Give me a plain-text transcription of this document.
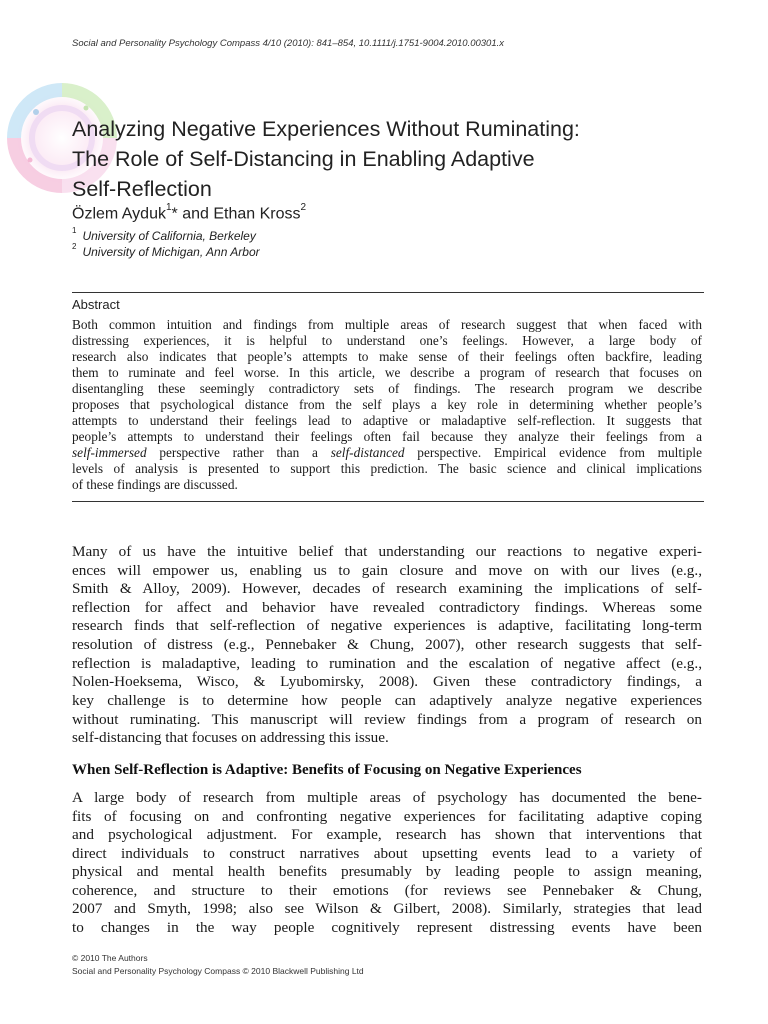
Social and Personality Psychology Compass 4/10 (2010): 841–854, 10.1111/j.1751-9004.2010.00301.x
Analyzing Negative Experiences Without Ruminating:
The Role of Self-Distancing in Enabling Adaptive
Self-Reflection
Özlem Ayduk$^1$* and Ethan Kross$^2$
$^1$ University of California, Berkeley
$^2$ University of Michigan, Ann Arbor
Abstract
Both common intuition and findings from multiple areas of research suggest that when faced with
distressing experiences, it is helpful to understand one’s feelings. However, a large body of
research also indicates that people’s attempts to make sense of their feelings often backfire, leading
them to ruminate and feel worse. In this article, we describe a program of research that focuses on
disentangling these seemingly contradictory sets of findings. The research program we describe
proposes that psychological distance from the self plays a key role in determining whether people’s
attempts to understand their feelings lead to adaptive or maladaptive self-reflection. It suggests that
people’s attempts to understand their feelings often fail because they analyze their feelings from a
self-immersed perspective rather than a self-distanced perspective. Empirical evidence from multiple
levels of analysis is presented to support this prediction. The basic science and clinical implications
of these findings are discussed.
Many of us have the intuitive belief that understanding our reactions to negative experi-
ences will empower us, enabling us to gain closure and move on with our lives (e.g.,
Smith & Alloy, 2009). However, decades of research examining the implications of self-
reflection for affect and behavior have revealed contradictory findings. Whereas some
research finds that self-reflection of negative experiences is adaptive, facilitating long-term
resolution of distress (e.g., Pennebaker & Chung, 2007), other research suggests that self-
reflection is maladaptive, leading to rumination and the escalation of negative affect (e.g.,
Nolen-Hoeksema, Wisco, & Lyubomirsky, 2008). Given these contradictory findings, a
key challenge is to determine how people can adaptively analyze negative experiences
without ruminating. This manuscript will review findings from a program of research on
self-distancing that focuses on addressing this issue.
When Self-Reflection is Adaptive: Benefits of Focusing on Negative Experiences
A large body of research from multiple areas of psychology has documented the bene-
fits of focusing on and confronting negative experiences for facilitating adaptive coping
and psychological adjustment. For example, research has shown that interventions that
direct individuals to construct narratives about upsetting events lead to a variety of
physical and mental health benefits presumably by leading people to assign meaning,
coherence, and structure to their emotions (for reviews see Pennebaker & Chung,
2007 and Smyth, 1998; also see Wilson & Gilbert, 2008). Similarly, strategies that lead
to changes in the way people cognitively represent distressing events have been
© 2010 The Authors
Social and Personality Psychology Compass © 2010 Blackwell Publishing Ltd
